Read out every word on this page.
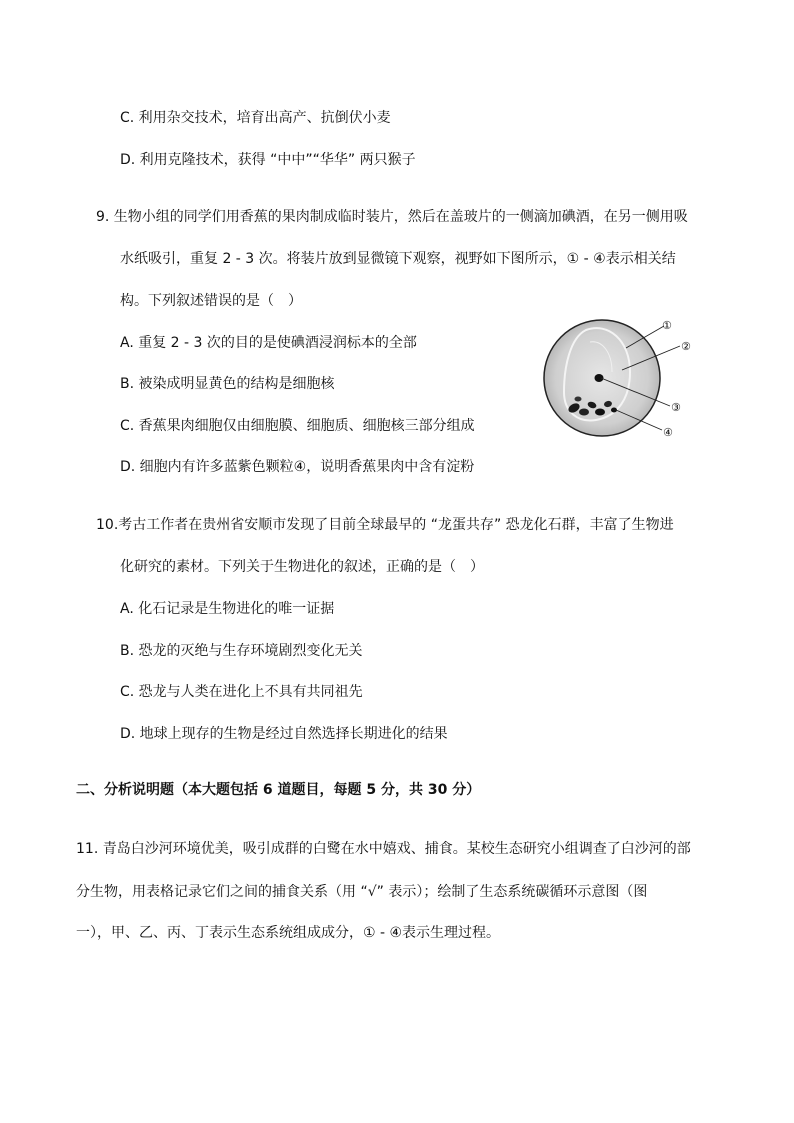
C. 利用杂交技术，培育出高产、抗倒伏小麦
D. 利用克隆技术，获得 “中中”“华华” 两只猴子
9. 生物小组的同学们用香蕉的果肉制成临时装片，然后在盖玻片的一侧滴加碘酒，在另一侧用吸
水纸吸引，重复 2 - 3 次。将装片放到显微镜下观察，视野如下图所示，① - ④表示相关结
构。下列叙述错误的是（　）
A. 重复 2 - 3 次的目的是使碘酒浸润标本的全部
B. 被染成明显黄色的结构是细胞核
C. 香蕉果肉细胞仅由细胞膜、细胞质、细胞核三部分组成
D. 细胞内有许多蓝紫色颗粒④，说明香蕉果肉中含有淀粉
①
②
③
④
10.考古工作者在贵州省安顺市发现了目前全球最早的 “龙蛋共存” 恐龙化石群，丰富了生物进
化研究的素材。下列关于生物进化的叙述，正确的是（　）
A. 化石记录是生物进化的唯一证据
B. 恐龙的灭绝与生存环境剧烈变化无关
C. 恐龙与人类在进化上不具有共同祖先
D. 地球上现存的生物是经过自然选择长期进化的结果
二、分析说明题（本大题包括 6 道题目，每题 5 分，共 30 分）
11. 青岛白沙河环境优美，吸引成群的白鹭在水中嬉戏、捕食。某校生态研究小组调查了白沙河的部
分生物，用表格记录它们之间的捕食关系（用 “√” 表示）；绘制了生态系统碳循环示意图（图
一），甲、乙、丙、丁表示生态系统组成成分，① - ④表示生理过程。
